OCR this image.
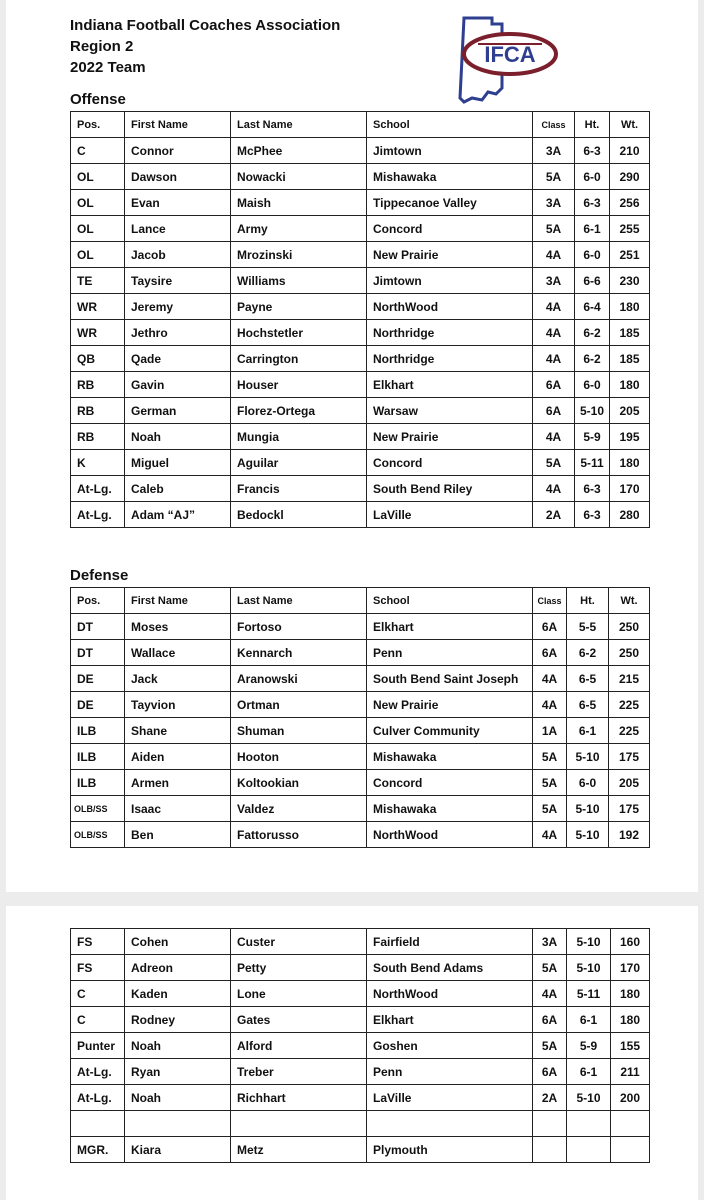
Indiana Football Coaches Association
Region 2
2022 Team
IFCA
Offense
Pos.	First Name	Last Name	School	Class	Ht.	Wt.
C	Connor	McPhee	Jimtown	3A	6-3	210
OL	Dawson	Nowacki	Mishawaka	5A	6-0	290
OL	Evan	Maish	Tippecanoe Valley	3A	6-3	256
OL	Lance	Army	Concord	5A	6-1	255
OL	Jacob	Mrozinski	New Prairie	4A	6-0	251
TE	Taysire	Williams	Jimtown	3A	6-6	230
WR	Jeremy	Payne	NorthWood	4A	6-4	180
WR	Jethro	Hochstetler	Northridge	4A	6-2	185
QB	Qade	Carrington	Northridge	4A	6-2	185
RB	Gavin	Houser	Elkhart	6A	6-0	180
RB	German	Florez-Ortega	Warsaw	6A	5-10	205
RB	Noah	Mungia	New Prairie	4A	5-9	195
K	Miguel	Aguilar	Concord	5A	5-11	180
At-Lg.	Caleb	Francis	South Bend Riley	4A	6-3	170
At-Lg.	Adam “AJ”	Bedockl	LaVille	2A	6-3	280
Defense
Pos.	First Name	Last Name	School	Class	Ht.	Wt.
DT	Moses	Fortoso	Elkhart	6A	5-5	250
DT	Wallace	Kennarch	Penn	6A	6-2	250
DE	Jack	Aranowski	South Bend Saint Joseph	4A	6-5	215
DE	Tayvion	Ortman	New Prairie	4A	6-5	225
ILB	Shane	Shuman	Culver Community	1A	6-1	225
ILB	Aiden	Hooton	Mishawaka	5A	5-10	175
ILB	Armen	Koltookian	Concord	5A	6-0	205
OLB/SS	Isaac	Valdez	Mishawaka	5A	5-10	175
OLB/SS	Ben	Fattorusso	NorthWood	4A	5-10	192
FS	Cohen	Custer	Fairfield	3A	5-10	160
FS	Adreon	Petty	South Bend Adams	5A	5-10	170
C	Kaden	Lone	NorthWood	4A	5-11	180
C	Rodney	Gates	Elkhart	6A	6-1	180
Punter	Noah	Alford	Goshen	5A	5-9	155
At-Lg.	Ryan	Treber	Penn	6A	6-1	211
At-Lg.	Noah	Richhart	LaVille	2A	5-10	200

MGR.	Kiara	Metz	Plymouth			
